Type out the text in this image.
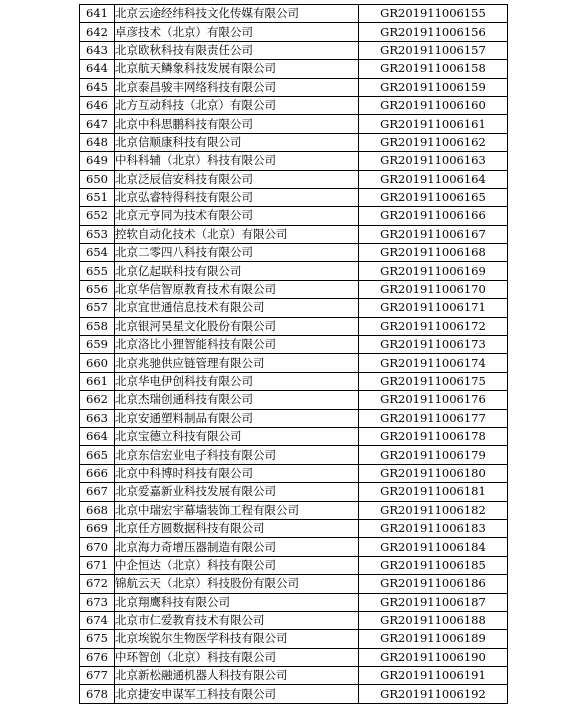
641	北京云途经纬科技文化传媒有限公司	GR201911006155
642	卓彦技术（北京）有限公司	GR201911006156
643	北京欧秋科技有限责任公司	GR201911006157
644	北京航天鳞象科技发展有限公司	GR201911006158
645	北京泰昌骏丰网络科技有限公司	GR201911006159
646	北方互动科技（北京）有限公司	GR201911006160
647	北京中科思鹏科技有限公司	GR201911006161
648	北京信顺康科技有限公司	GR201911006162
649	中科科辅（北京）科技有限公司	GR201911006163
650	北京泛辰信安科技有限公司	GR201911006164
651	北京弘睿特得科技有限公司	GR201911006165
652	北京元亨同为技术有限公司	GR201911006166
653	控软自动化技术（北京）有限公司	GR201911006167
654	北京二零四八科技有限公司	GR201911006168
655	北京亿起联科技有限公司	GR201911006169
656	北京华信智原教育技术有限公司	GR201911006170
657	北京宜世通信息技术有限公司	GR201911006171
658	北京银河昊星文化股份有限公司	GR201911006172
659	北京洛比小狸智能科技有限公司	GR201911006173
660	北京兆驰供应链管理有限公司	GR201911006174
661	北京华电伊创科技有限公司	GR201911006175
662	北京杰瑞创通科技有限公司	GR201911006176
663	北京安通塑料制品有限公司	GR201911006177
664	北京宝德立科技有限公司	GR201911006178
665	北京东信宏业电子科技有限公司	GR201911006179
666	北京中科博时科技有限公司	GR201911006180
667	北京爱嘉新业科技发展有限公司	GR201911006181
668	北京中瑞宏宇幕墙装饰工程有限公司	GR201911006182
669	北京任方圆数据科技有限公司	GR201911006183
670	北京海力奇增压器制造有限公司	GR201911006184
671	中企恒达（北京）科技有限公司	GR201911006185
672	锦航云天（北京）科技股份有限公司	GR201911006186
673	北京翔鹰科技有限公司	GR201911006187
674	北京市仁爱教育技术有限公司	GR201911006188
675	北京埃锐尔生物医学科技有限公司	GR201911006189
676	中环智创（北京）科技有限公司	GR201911006190
677	北京新松融通机器人科技有限公司	GR201911006191
678	北京捷安申谋军工科技有限公司	GR201911006192
